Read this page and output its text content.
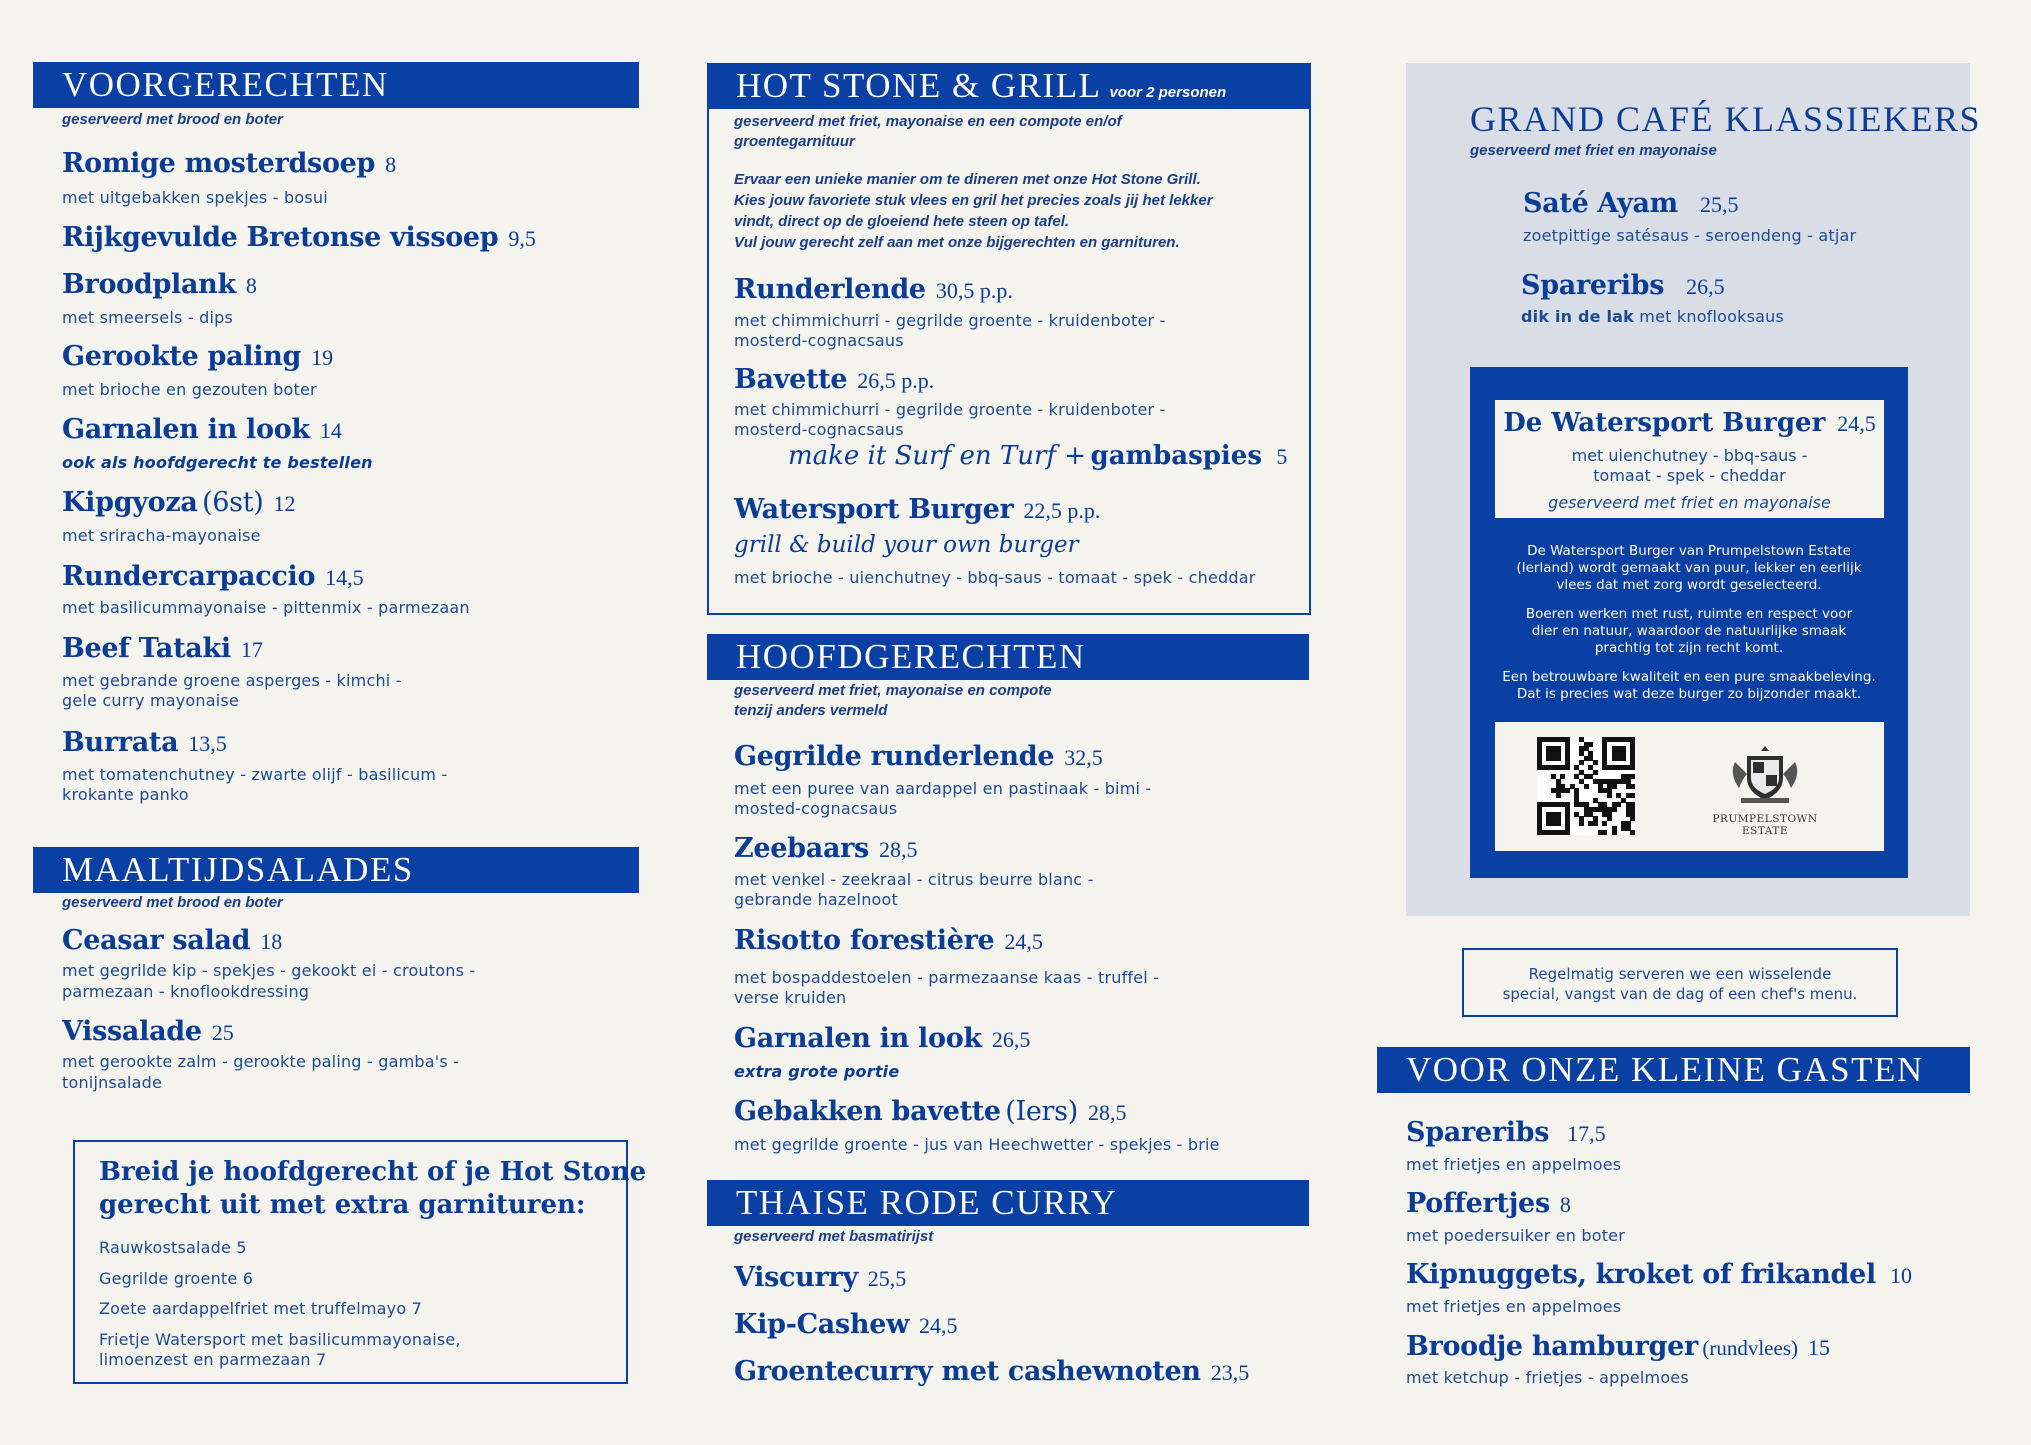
VOORGERECHTEN
geserveerd met brood en boter
Romige mosterdsoep 8
met uitgebakken spekjes - bosui
Rijkgevulde Bretonse vissoep 9,5
Broodplank 8
met smeersels - dips
Gerookte paling 19
met brioche en gezouten boter
Garnalen in look 14
ook als hoofdgerecht te bestellen
Kipgyoza (6st) 12
met sriracha-mayonaise
Rundercarpaccio 14,5
met basilicummayonaise - pittenmix - parmezaan
Beef Tataki 17
met gebrande groene asperges - kimchi -
gele curry mayonaise
Burrata 13,5
met tomatenchutney - zwarte olijf - basilicum -
krokante panko
MAALTIJDSALADES
geserveerd met brood en boter
Ceasar salad 18
met gegrilde kip - spekjes - gekookt ei - croutons -
parmezaan - knoflookdressing
Vissalade 25
met gerookte zalm - gerookte paling - gamba's -
tonijnsalade
Breid je hoofdgerecht of je Hot Stone
gerecht uit met extra garnituren:
Rauwkostsalade 5
Gegrilde groente 6
Zoete aardappelfriet met truffelmayo 7
Frietje Watersport met basilicummayonaise,
limoenzest en parmezaan 7
HOT STONE & GRILL voor 2 personen
geserveerd met friet, mayonaise en een compote en/of
groentegarnituur
Ervaar een unieke manier om te dineren met onze Hot Stone Grill.
Kies jouw favoriete stuk vlees en gril het precies zoals jij het lekker
vindt, direct op de gloeiend hete steen op tafel.
Vul jouw gerecht zelf aan met onze bijgerechten en garnituren.
Runderlende 30,5 p.p.
met chimmichurri - gegrilde groente - kruidenboter -
mosterd-cognacsaus
Bavette 26,5 p.p.
met chimmichurri - gegrilde groente - kruidenboter -
mosterd-cognacsaus
make it Surf en Turf + gambaspies 5
Watersport Burger 22,5 p.p.
grill & build your own burger
met brioche - uienchutney - bbq-saus - tomaat - spek - cheddar
HOOFDGERECHTEN
geserveerd met friet, mayonaise en compote
tenzij anders vermeld
Gegrilde runderlende 32,5
met een puree van aardappel en pastinaak - bimi -
mosted-cognacsaus
Zeebaars 28,5
met venkel - zeekraal - citrus beurre blanc -
gebrande hazelnoot
Risotto forestière 24,5
met bospaddestoelen - parmezaanse kaas - truffel -
verse kruiden
Garnalen in look 26,5
extra grote portie
Gebakken bavette (Iers) 28,5
met gegrilde groente - jus van Heechwetter - spekjes - brie
THAISE RODE CURRY
geserveerd met basmatirijst
Viscurry 25,5
Kip-Cashew 24,5
Groentecurry met cashewnoten 23,5
GRAND CAFÉ KLASSIEKERS
geserveerd met friet en mayonaise
Saté Ayam 25,5
zoetpittige satésaus - seroendeng - atjar
Spareribs 26,5
dik in de lak met knoflooksaus
De Watersport Burger 24,5
met uienchutney - bbq-saus -
tomaat - spek - cheddar
geserveerd met friet en mayonaise
De Watersport Burger van Prumpelstown Estate
(Ierland) wordt gemaakt van puur, lekker en eerlijk
vlees dat met zorg wordt geselecteerd.
Boeren werken met rust, ruimte en respect voor
dier en natuur, waardoor de natuurlijke smaak
prachtig tot zijn recht komt.
Een betrouwbare kwaliteit en een pure smaakbeleving.
Dat is precies wat deze burger zo bijzonder maakt.
PRUMPELSTOWN
ESTATE
Regelmatig serveren we een wisselende
special, vangst van de dag of een chef's menu.
VOOR ONZE KLEINE GASTEN
Spareribs 17,5
met frietjes en appelmoes
Poffertjes 8
met poedersuiker en boter
Kipnuggets, kroket of frikandel 10
met frietjes en appelmoes
Broodje hamburger (rundvlees) 15
met ketchup - frietjes - appelmoes
